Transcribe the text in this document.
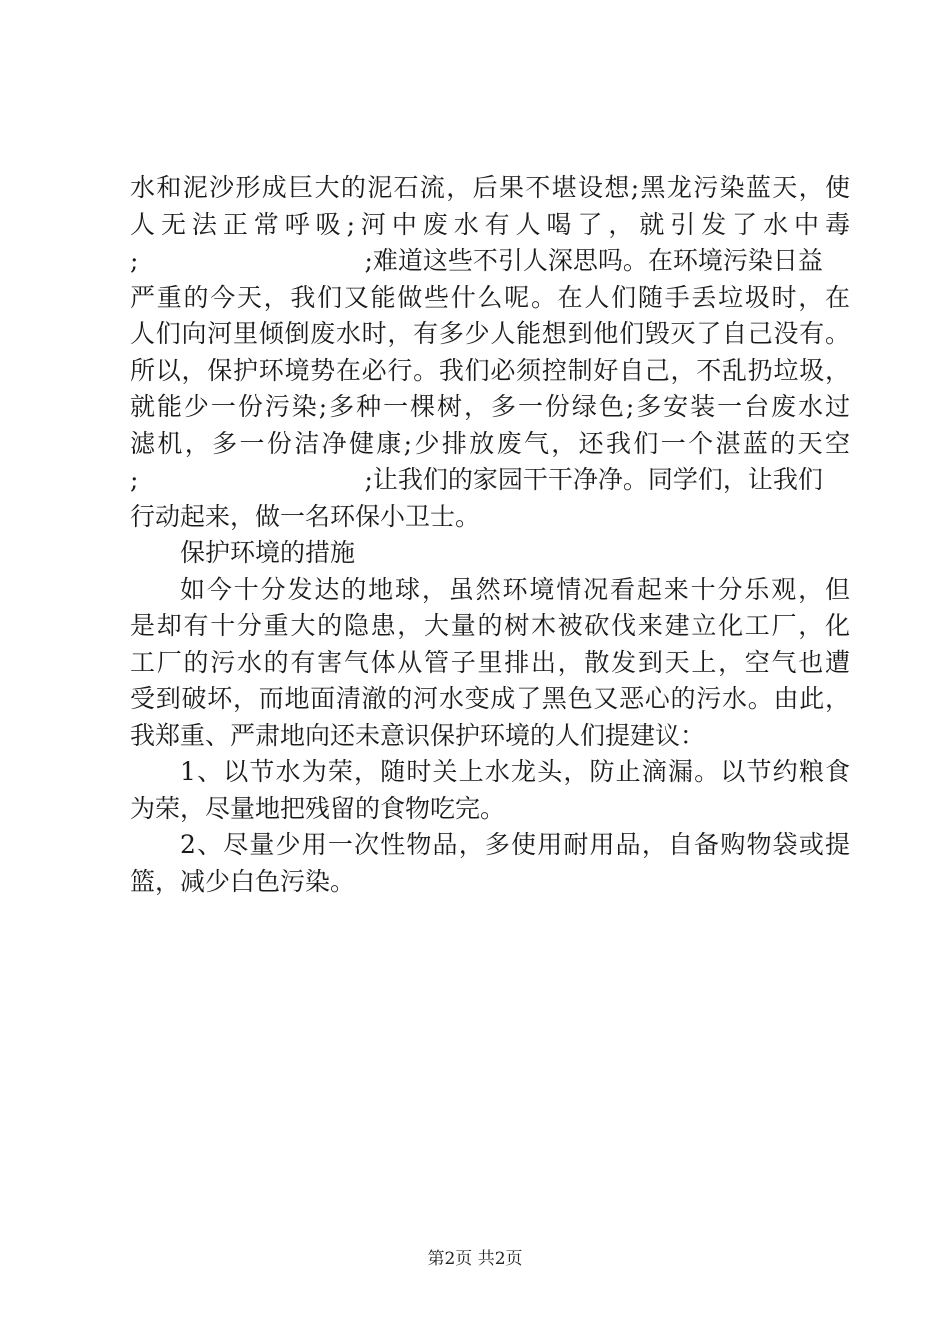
水和泥沙形成巨大的泥石流，后果不堪设想;黑龙污染蓝天，使
人无法正常呼吸;河中废水有人喝了，就引发了水中毒
;	;难道这些不引人深思吗。在环境污染日益
严重的今天，我们又能做些什么呢。在人们随手丢垃圾时，在
人们向河里倾倒废水时，有多少人能想到他们毁灭了自己没有。
所以，保护环境势在必行。我们必须控制好自己，不乱扔垃圾，
就能少一份污染;多种一棵树，多一份绿色;多安装一台废水过
滤机，多一份洁净健康;少排放废气，还我们一个湛蓝的天空
;	;让我们的家园干干净净。同学们，让我们
行动起来，做一名环保小卫士。
保护环境的措施
如今十分发达的地球，虽然环境情况看起来十分乐观，但
是却有十分重大的隐患，大量的树木被砍伐来建立化工厂，化
工厂的污水的有害气体从管子里排出，散发到天上，空气也遭
受到破坏，而地面清澈的河水变成了黑色又恶心的污水。由此，
我郑重、严肃地向还未意识保护环境的人们提建议：
1、以节水为荣，随时关上水龙头，防止滴漏。以节约粮食
为荣，尽量地把残留的食物吃完。
2、尽量少用一次性物品，多使用耐用品，自备购物袋或提
篮，减少白色污染。
第2页 共2页
